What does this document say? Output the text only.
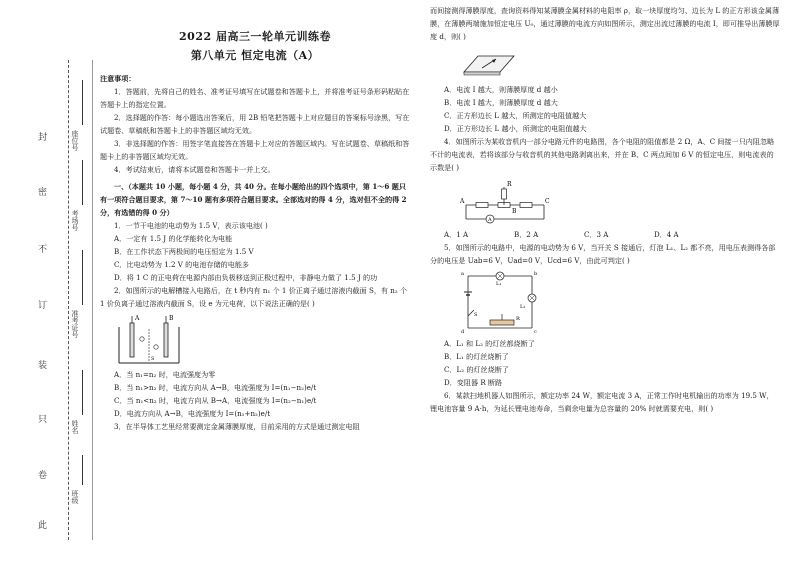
封
密
不
订
装
只
卷
此
座位号
考场号
准考证号
姓名
班级
2022 届高三一轮单元训练卷
第八单元 恒定电流（A）
注意事项：
1．答题前，先将自己的姓名、准考证号填写在试题卷和答题卡上，并将准考证号条形码粘贴在答题卡上的指定位置。
2．选择题的作答：每小题选出答案后，用 2B 铅笔把答题卡上对应题目的答案标号涂黑，写在试题卷、草稿纸和答题卡上的非答题区域均无效。
3．非选择题的作答：用签字笔直接答在答题卡上对应的答题区域内。写在试题卷、草稿纸和答题卡上的非答题区域均无效。
4．考试结束后，请将本试题卷和答题卡一并上交。
一、（本题共 10 小题，每小题 4 分，共 40 分。在每小题给出的四个选项中，第 1～6 题只有一项符合题目要求，第 7～10 题有多项符合题目要求。全部选对的得 4 分，选对但不全的得 2 分，有选错的得 0 分）
1．一节干电池的电动势为 1.5 V，表示该电池( )
A．一定有 1.5 J 的化学能转化为电能
B．在工作状态下两极间的电压恒定为 1.5 V
C．比电动势为 1.2 V 的电池存储的电能多
D．将 1 C 的正电荷在电源内部由负极移送到正极过程中，非静电力做了 1.5 J 的功
2．如图所示的电解槽接入电路后，在 t 秒内有 n₁ 个 1 价正离子通过溶液内截面 S，有 n₂ 个 1 价负离子通过溶液内截面 S，设 e 为元电荷，以下说法正确的是( )
A	B
S
A．当 n₁=n₂ 时，电流强度为零
B．当 n₁>n₂ 时，电流方向从 A→B，电流强度为 I=(n₁−n₂)e/t
C．当 n₁<n₂ 时，电流方向从 B→A，电流强度为 I=(n₂−n₁)e/t
D．电流方向从 A→B，电流强度为 I=(n₁+n₂)e/t
3．在半导体工艺里经常要测定金属薄膜厚度，目前采用的方式是通过测定电阻
而间接测得薄膜厚度，查询资料得知某薄膜金属材料的电阻率 ρ，取一块厚度均匀、边长为 L 的正方形该金属薄膜，在薄膜两端施加恒定电压 U₀，通过薄膜的电流方向如图所示，测定出流过薄膜的电流 I，即可推导出薄膜厚度 d，则( )
A．电流 I 越大，则薄膜厚度 d 越小
B．电流 I 越大，则薄膜厚度 d 越大
C．正方形边长 L 越大，所测定的电阻值越大
D．正方形边长 L 越小，所测定的电阻值越大
4．如图所示为某收音机内一部分电路元件的电路图，各个电阻的阻值都是 2 Ω，A、C 间接一只内阻忽略不计的电流表，若将该部分与收音机的其他电路剥离出来，并在 B、C 两点间加 6 V 的恒定电压，则电流表的示数是( )
R
A
A
B
C
A．1 A	B．2 A	C．3 A	D．4 A
5．如图所示的电路中，电源的电动势为 6 V，当开关 S 接通后，灯泡 L₁、L₂ 都不亮，用电压表测得各部分的电压是 Uab=6 V，Uad=0 V，Ucd=6 V，由此可判定( )
L₁
L₂
R
S
a	b
c
d
A．L₁ 和 L₂ 的灯丝都烧断了
B．L₁ 的灯丝烧断了
C．L₂ 的灯丝烧断了
D．变阻器 R 断路
6．某款扫地机器人如图所示，额定功率 24 W，额定电流 3 A，正常工作时电机输出的功率为 19.5 W，锂电池容量 9 A·h，为延长锂电池寿命，当剩余电量为总容量的 20% 时就需要充电，则( )
